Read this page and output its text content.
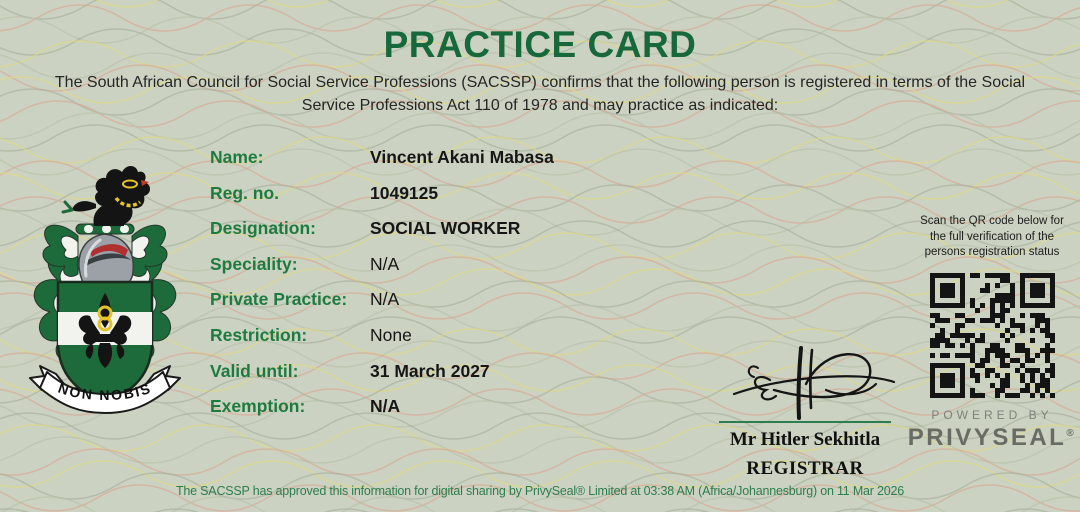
PRACTICE CARD
The South African Council for Social Service Professions (SACSSP) confirms that the following person is registered in terms of the Social
Service Professions Act 110 of 1978 and may practice as indicated:
NON NOBIS
Name:	Vincent Akani Mabasa
Reg. no.	1049125
Designation:	SOCIAL WORKER
Speciality:	N/A
Private Practice:	N/A
Restriction:	None
Valid until:	31 March 2027
Exemption:	N/A
Mr Hitler Sekhitla
REGISTRAR
Scan the QR code below for
the full verification of the
persons registration status
POWERED BY
PRIVYSEAL®
The SACSSP has approved this information for digital sharing by PrivySeal® Limited at 03:38 AM (Africa/Johannesburg) on 11 Mar 2026
